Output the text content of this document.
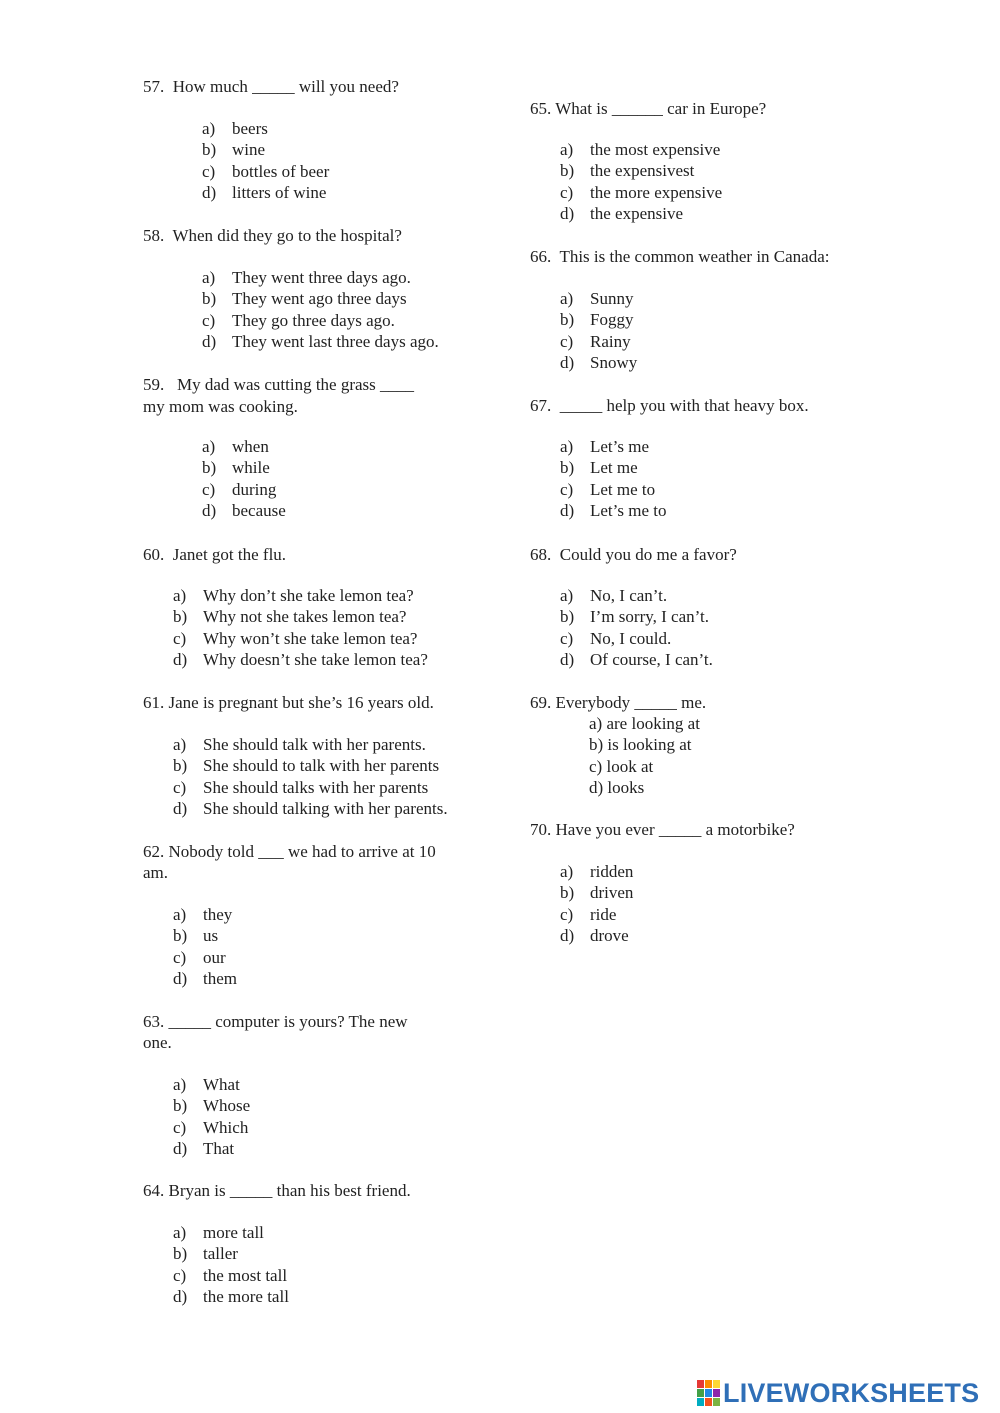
57. How much _____ will you need?
a) beers
b) wine
c) bottles of beer
d) litters of wine
58. When did they go to the hospital?
a) They went three days ago.
b) They went ago three days
c) They go three days ago.
d) They went last three days ago.
59. My dad was cutting the grass ____
my mom was cooking.
a) when
b) while
c) during
d) because
60. Janet got the flu.
a) Why don’t she take lemon tea?
b) Why not she takes lemon tea?
c) Why won’t she take lemon tea?
d) Why doesn’t she take lemon tea?
61. Jane is pregnant but she’s 16 years old.
a) She should talk with her parents.
b) She should to talk with her parents
c) She should talks with her parents
d) She should talking with her parents.
62. Nobody told ___ we had to arrive at 10
am.
a) they
b) us
c) our
d) them
63. _____ computer is yours? The new
one.
a) What
b) Whose
c) Which
d) That
64. Bryan is _____ than his best friend.
a) more tall
b) taller
c) the most tall
d) the more tall
65. What is ______ car in Europe?
a) the most expensive
b) the expensivest
c) the more expensive
d) the expensive
66. This is the common weather in Canada:
a) Sunny
b) Foggy
c) Rainy
d) Snowy
67. _____ help you with that heavy box.
a) Let’s me
b) Let me
c) Let me to
d) Let’s me to
68. Could you do me a favor?
a) No, I can’t.
b) I’m sorry, I can’t.
c) No, I could.
d) Of course, I can’t.
69. Everybody _____ me.
a) are looking at
b) is looking at
c) look at
d) looks
70. Have you ever _____ a motorbike?
a) ridden
b) driven
c) ride
d) drove
LIVEWORKSHEETS
